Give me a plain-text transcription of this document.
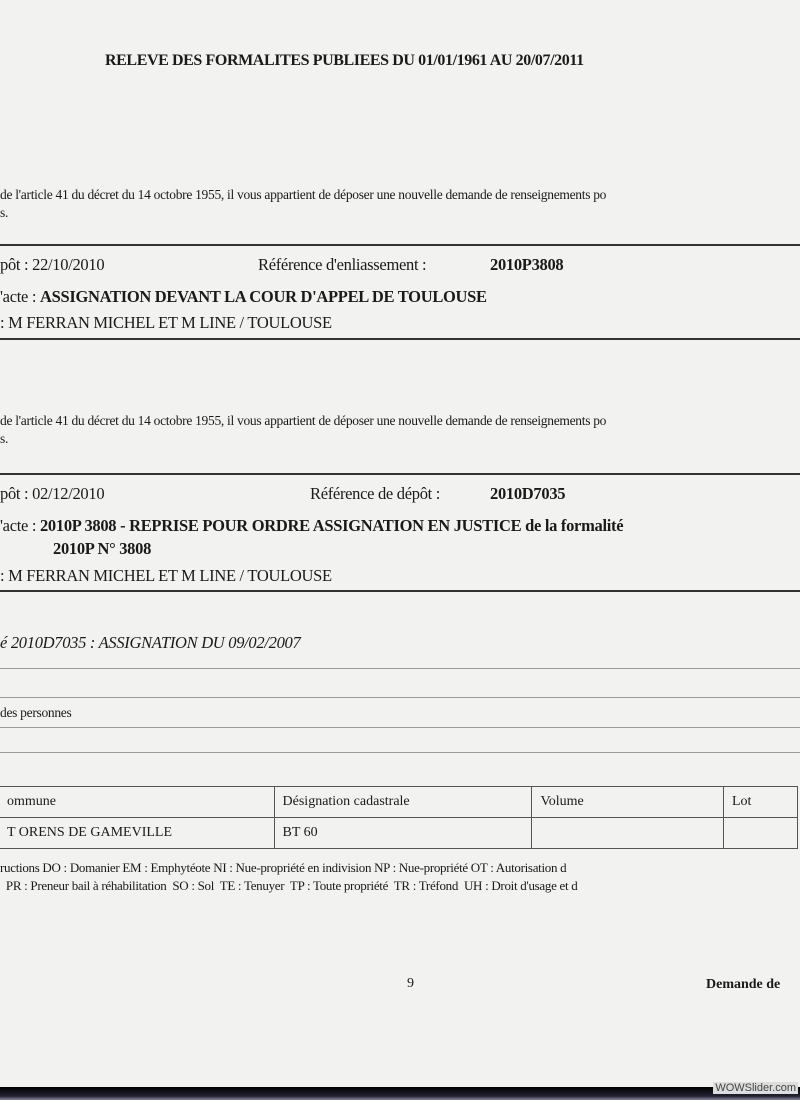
RELEVE DES FORMALITES PUBLIEES DU 01/01/1961 AU 20/07/2011
de l'article 41 du décret du 14 octobre 1955, il vous appartient de déposer une nouvelle demande de renseignements po
s.
pôt : 22/10/2010	Référence d'enliassement :	2010P3808
'acte : ASSIGNATION DEVANT LA COUR D'APPEL DE TOULOUSE
: M FERRAN MICHEL ET M LINE / TOULOUSE
de l'article 41 du décret du 14 octobre 1955, il vous appartient de déposer une nouvelle demande de renseignements po
s.
pôt : 02/12/2010	Référence de dépôt :	2010D7035
'acte : 2010P 3808 - REPRISE POUR ORDRE ASSIGNATION EN JUSTICE de la formalité
2010P N° 3808
: M FERRAN MICHEL ET M LINE / TOULOUSE
é 2010D7035 : ASSIGNATION DU 09/02/2007
des personnes
ommune	Désignation cadastrale	Volume	Lot
T ORENS DE GAMEVILLE	BT 60		
ructions DO : Domanier EM : Emphytéote NI : Nue-propriété en indivision NP : Nue-propriété OT : Autorisation d
PR : Preneur bail à réhabilitation  SO : Sol  TE : Tenuyer  TP : Toute propriété  TR : Tréfond  UH : Droit d'usage et d
9	Demande de
WOWSlider.com
